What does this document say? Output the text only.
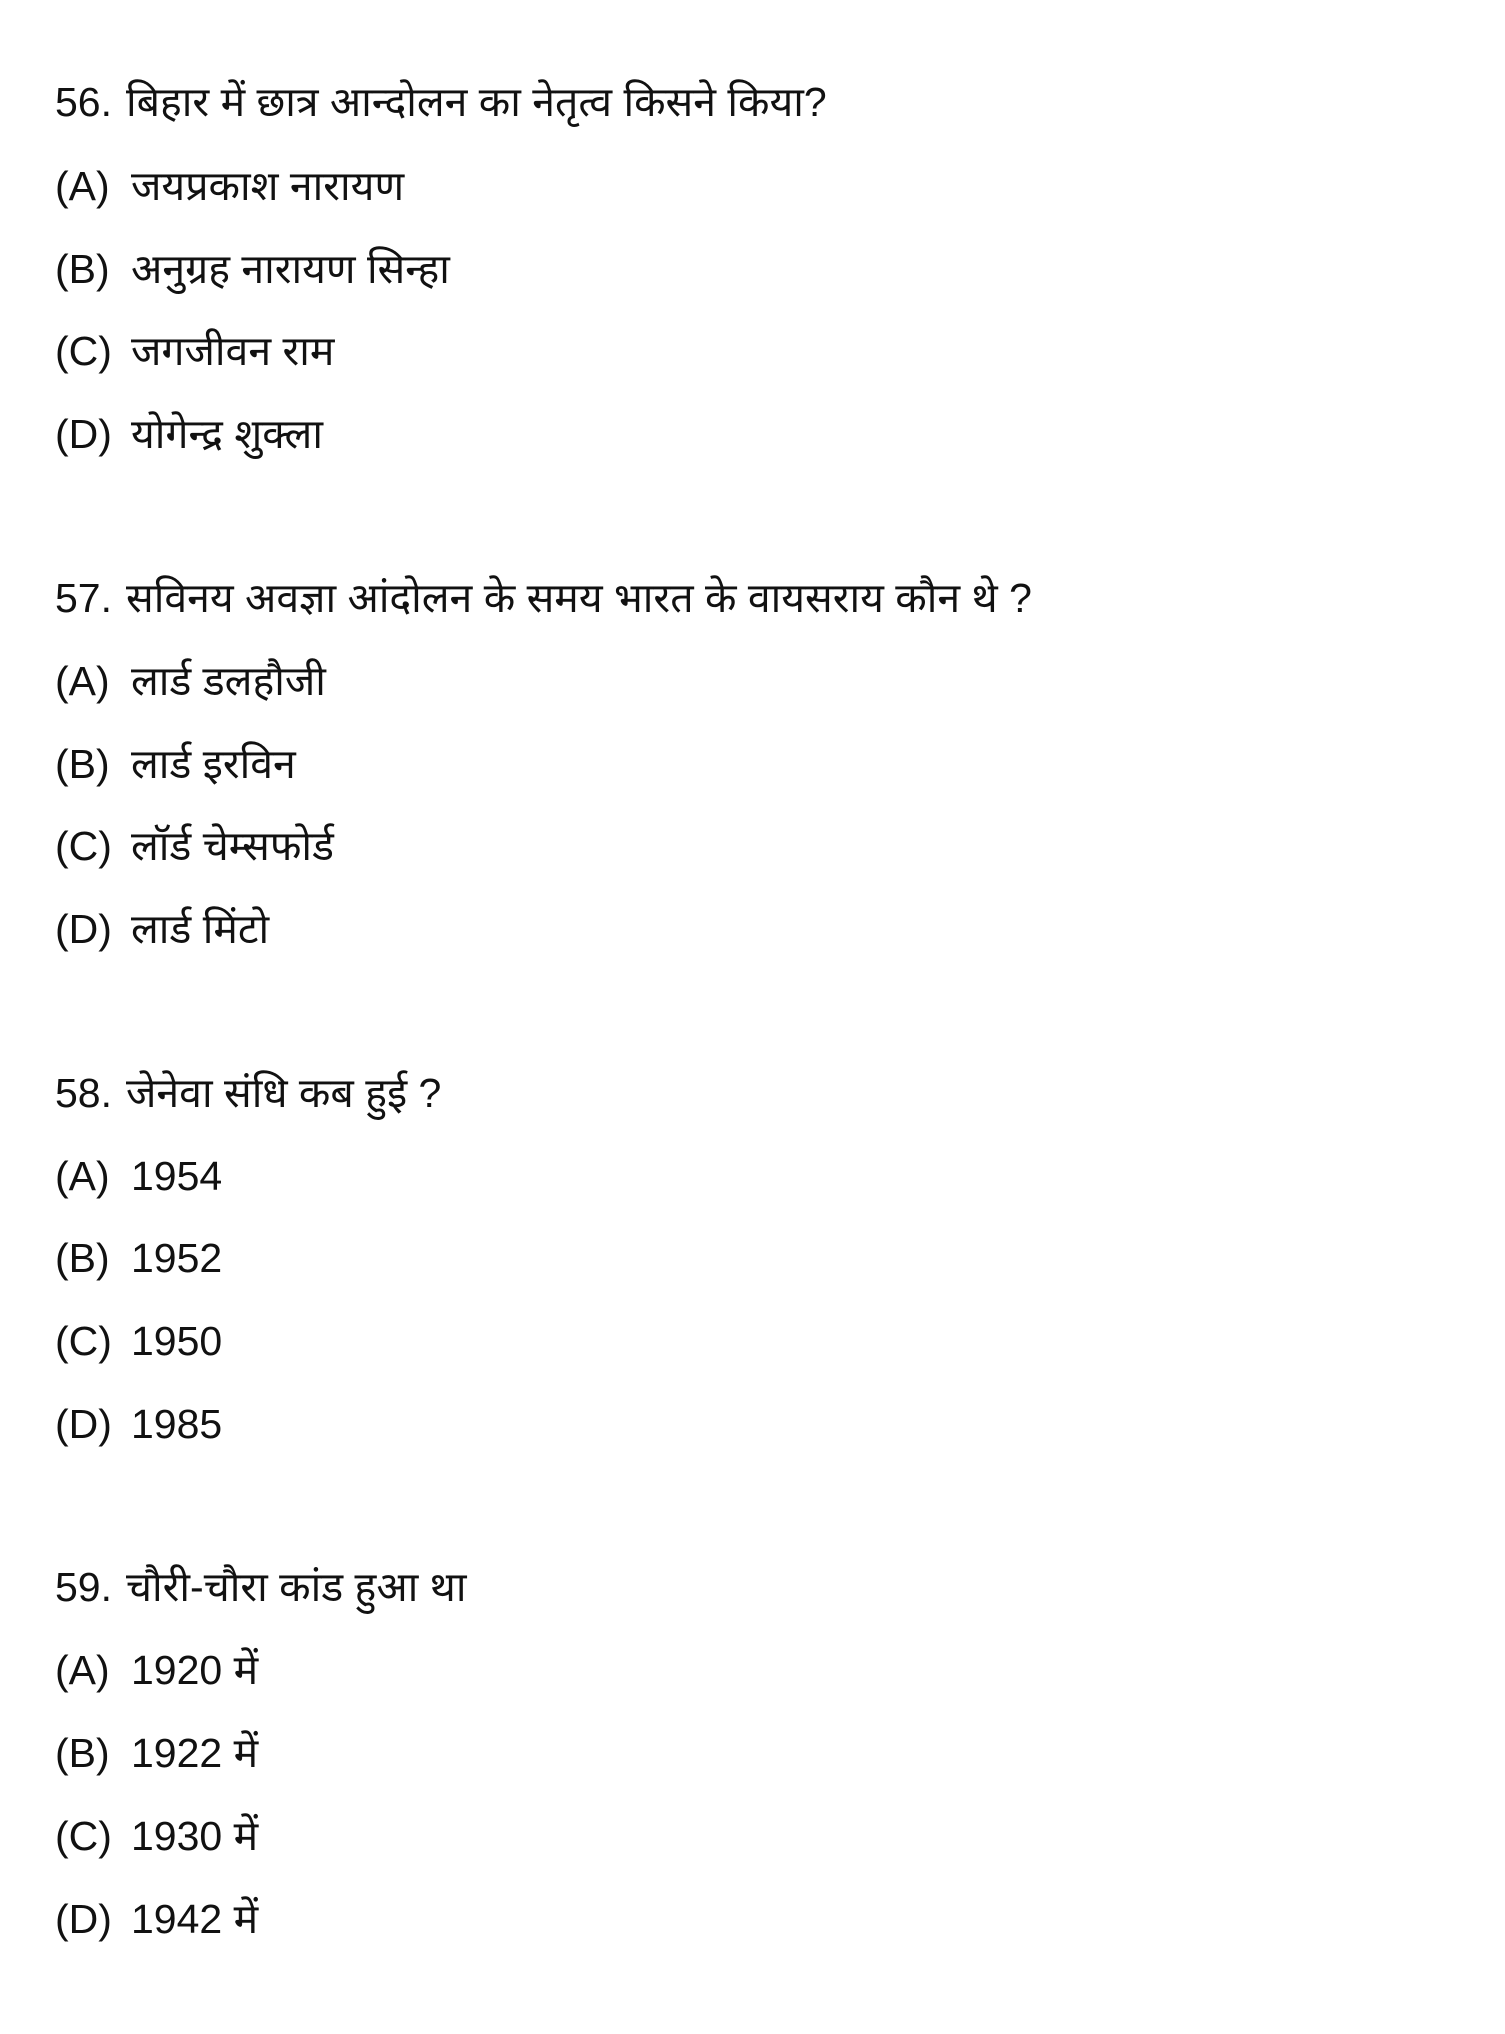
56. बिहार में छात्र आन्दोलन का नेतृत्व किसने किया?
(A) जयप्रकाश नारायण
(B) अनुग्रह नारायण सिन्हा
(C) जगजीवन राम
(D) योगेन्द्र शुक्ला
57. सविनय अवज्ञा आंदोलन के समय भारत के वायसराय कौन थे ?
(A) लार्ड डलहौजी
(B) लार्ड इरविन
(C) लॉर्ड चेम्सफोर्ड
(D) लार्ड मिंटो
58. जेनेवा संधि कब हुई ?
(A) 1954
(B) 1952
(C) 1950
(D) 1985
59. चौरी-चौरा कांड हुआ था
(A) 1920 में
(B) 1922 में
(C) 1930 में
(D) 1942 में
